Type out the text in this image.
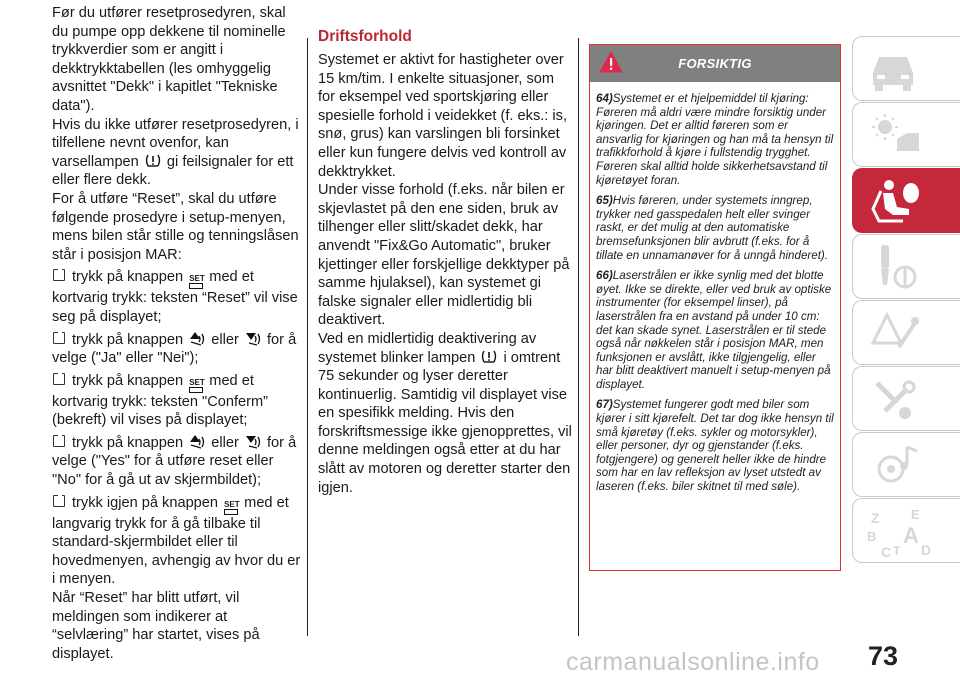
Før du utfører resetprosedyren, skal du pumpe opp dekkene til nominelle trykkverdier som er angitt i dekktrykktabellen (les omhyggelig avsnittet "Dekk" i kapitlet "Tekniske data").

Hvis du ikke utfører resetprosedyren, i tilfellene nevnt ovenfor, kan varsellampen gi feilsignaler for ett eller flere dekk.

For å utføre “Reset”, skal du utføre følgende prosedyre i setup-menyen, mens bilen står stille og tenningslåsen står i posisjon MAR:

trykk på knappen SET med et kortvarig trykk: teksten “Reset” vil vise seg på displayet;

trykk på knappen eller for å velge ("Ja" eller "Nei");

trykk på knappen SET med et kortvarig trykk: teksten "Conferm” (bekreft) vil vises på displayet;

trykk på knappen eller for å velge ("Yes" for å utføre reset eller "No" for å gå ut av skjermbildet);

trykk igjen på knappen SET med et langvarig trykk for å gå tilbake til standard-skjermbildet eller til hovedmenyen, avhengig av hvor du er i menyen.

Når “Reset” har blitt utført, vil meldingen som indikerer at “selvlæring” har startet, vises på displayet.

Driftsforhold

Systemet er aktivt for hastigheter over 15 km/tim. I enkelte situasjoner, som for eksempel ved sportskjøring eller spesielle forhold i veidekket (f. eks.: is, snø, grus) kan varslingen bli forsinket eller kun fungere delvis ved kontroll av dekktrykket.

Under visse forhold (f.eks. når bilen er skjevlastet på den ene siden, bruk av tilhenger eller slitt/skadet dekk, har anvendt "Fix&Go Automatic", bruker kjettinger eller forskjellige dekktyper på samme hjulaksel), kan systemet gi falske signaler eller midlertidig bli deaktivert.

Ved en midlertidig deaktivering av systemet blinker lampen i omtrent 75 sekunder og lyser deretter kontinuerlig. Samtidig vil displayet vise en spesifikk melding. Hvis den forskriftsmessige ikke gjenopprettes, vil denne meldingen også etter at du har slått av motoren og deretter starter den igjen.

FORSIKTIG

64)Systemet er et hjelpemiddel til kjøring: Føreren må aldri være mindre forsiktig under kjøringen. Det er alltid føreren som er ansvarlig for kjøringen og han må ta hensyn til trafikkforhold å kjøre i fullstendig trygghet. Føreren skal alltid holde sikkerhetsavstand til kjøretøyet foran.

65)Hvis føreren, under systemets inngrep, trykker ned gasspedalen helt eller svinger raskt, er det mulig at den automatiske bremsefunksjonen blir avbrutt (f.eks. for å tillate en unnamanøver for å unngå hinderet).

66)Laserstrålen er ikke synlig med det blotte øyet. Ikke se direkte, eller ved bruk av optiske instrumenter (for eksempel linser), på laserstrålen fra en avstand på under 10 cm: det kan skade synet. Laserstrålen er til stede også når nøkkelen står i posisjon MAR, men funksjonen er avslått, ikke tilgjengelig, eller har blitt deaktivert manuelt i setup-menyen på displayet.

67)Systemet fungerer godt med biler som kjører i sitt kjørefelt. Det tar dog ikke hensyn til små kjøretøy (f.eks. sykler og motorsykler), eller personer, dyr og gjenstander (f.eks. fotgjengere) og generelt heller ikke de hindre som har en lav refleksjon av lyset utstedt av laseren (f.eks. biler skitnet til med søle).

Z E
B A
C T D
73
carmanualsonline.info
